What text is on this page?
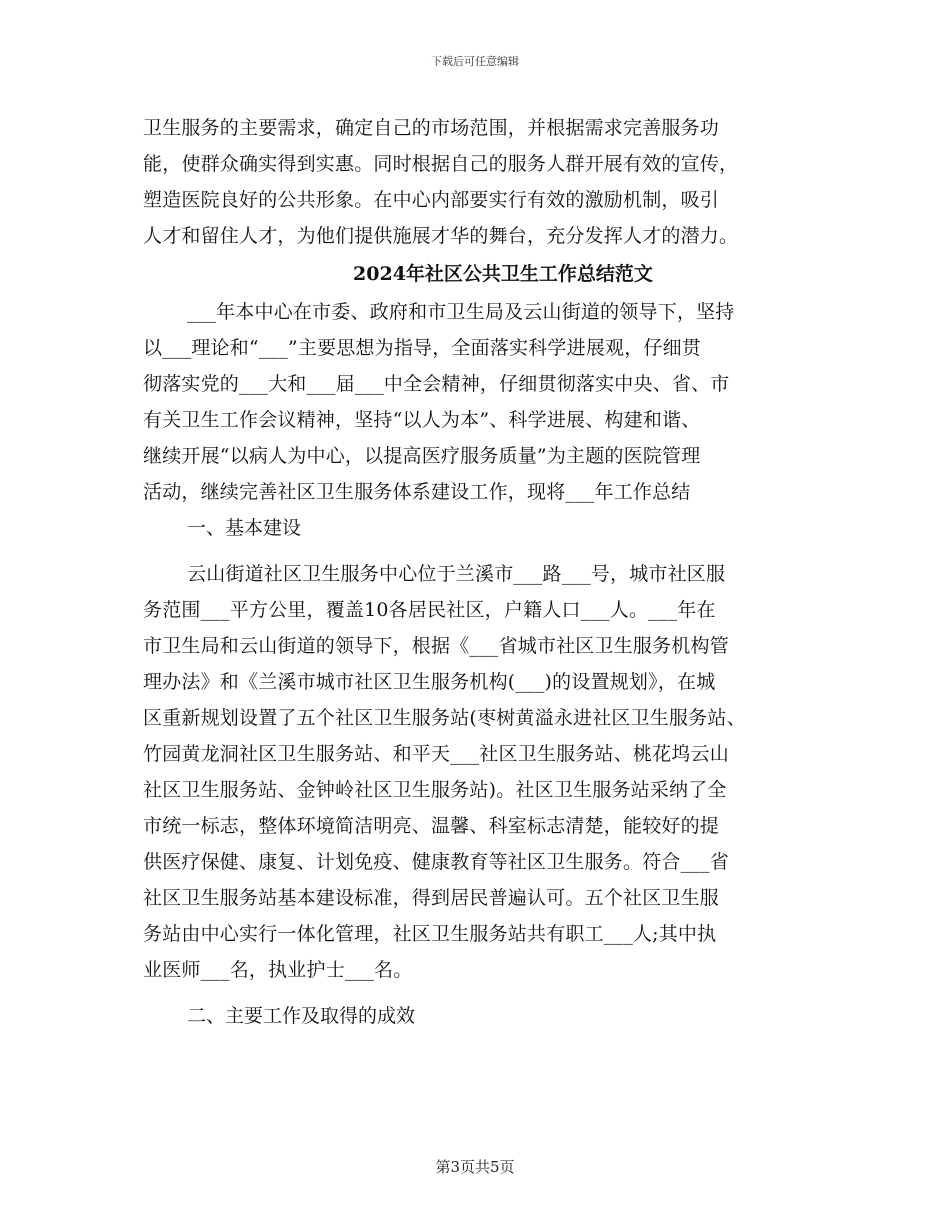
下载后可任意编辑
卫生服务的主要需求，确定自己的市场范围，并根据需求完善服务功
能，使群众确实得到实惠。同时根据自己的服务人群开展有效的宣传，
塑造医院良好的公共形象。在中心内部要实行有效的激励机制，吸引
人才和留住人才，为他们提供施展才华的舞台，充分发挥人才的潜力。
2024年社区公共卫生工作总结范文
___年本中心在市委、政府和市卫生局及云山街道的领导下，坚持
以___理论和“___”主要思想为指导，全面落实科学进展观，仔细贯
彻落实党的___大和___届___中全会精神，仔细贯彻落实中央、省、市
有关卫生工作会议精神，坚持“以人为本”、科学进展、构建和谐、
继续开展“以病人为中心，以提高医疗服务质量”为主题的医院管理
活动，继续完善社区卫生服务体系建设工作，现将___年工作总结
一、基本建设
云山街道社区卫生服务中心位于兰溪市___路___号，城市社区服
务范围___平方公里，覆盖10各居民社区，户籍人口___人。___年在
市卫生局和云山街道的领导下，根据《___省城市社区卫生服务机构管
理办法》和《兰溪市城市社区卫生服务机构(___)的设置规划》，在城
区重新规划设置了五个社区卫生服务站(枣树黄溢永进社区卫生服务站、
竹园黄龙洞社区卫生服务站、和平天___社区卫生服务站、桃花坞云山
社区卫生服务站、金钟岭社区卫生服务站)。社区卫生服务站采纳了全
市统一标志，整体环境简洁明亮、温馨、科室标志清楚，能较好的提
供医疗保健、康复、计划免疫、健康教育等社区卫生服务。符合___省
社区卫生服务站基本建设标准，得到居民普遍认可。五个社区卫生服
务站由中心实行一体化管理，社区卫生服务站共有职工___人;其中执
业医师___名，执业护士___名。
二、主要工作及取得的成效
第3页共5页
